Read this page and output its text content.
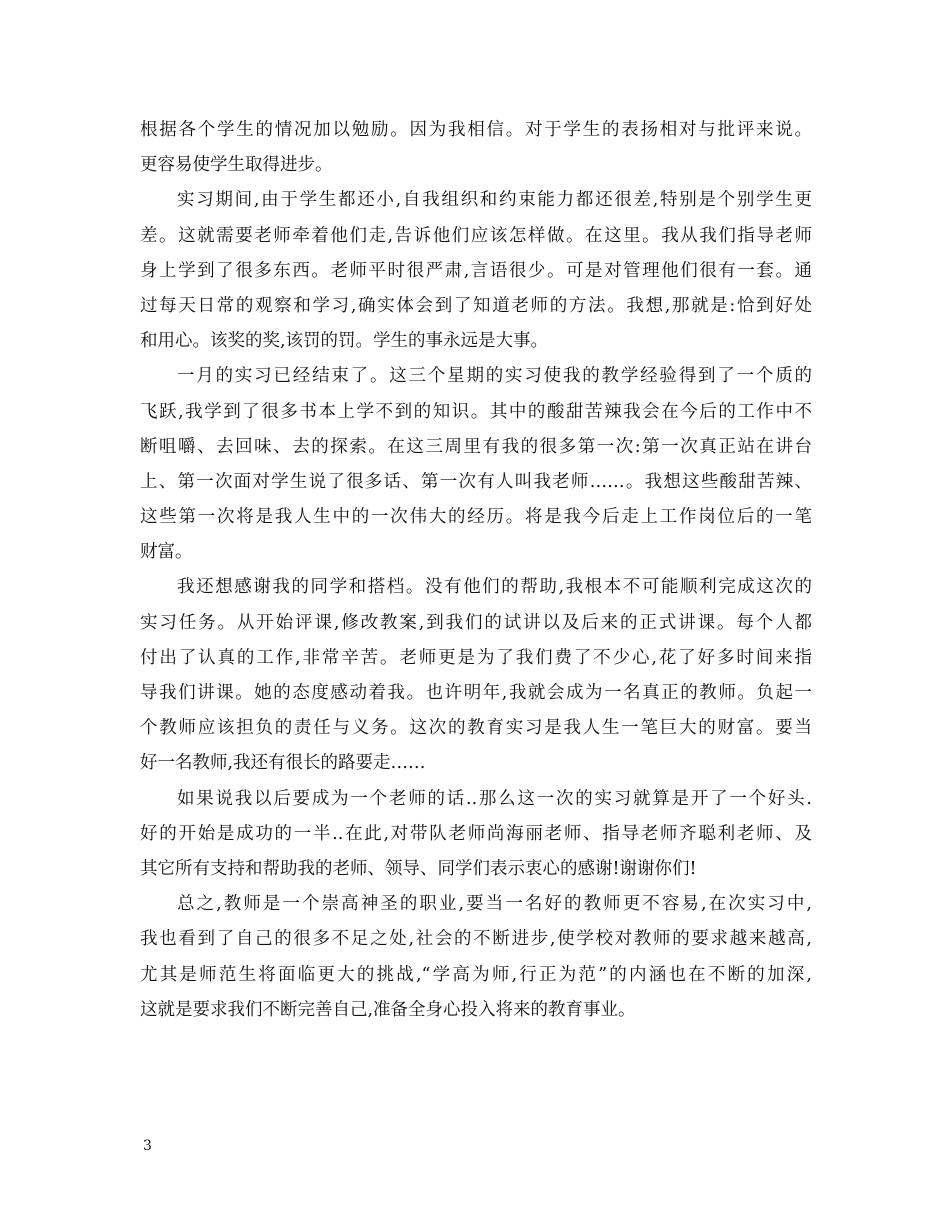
根据各个学生的情况加以勉励。因为我相信。对于学生的表扬相对与批评来说。
更容易使学生取得进步。
实习期间,由于学生都还小,自我组织和约束能力都还很差,特别是个别学生更
差。这就需要老师牵着他们走,告诉他们应该怎样做。在这里。我从我们指导老师
身上学到了很多东西。老师平时很严肃,言语很少。可是对管理他们很有一套。通
过每天日常的观察和学习,确实体会到了知道老师的方法。我想,那就是:恰到好处
和用心。该奖的奖,该罚的罚。学生的事永远是大事。
一月的实习已经结束了。这三个星期的实习使我的教学经验得到了一个质的
飞跃,我学到了很多书本上学不到的知识。其中的酸甜苦辣我会在今后的工作中不
断咀嚼、去回味、去的探索。在这三周里有我的很多第一次:第一次真正站在讲台
上、第一次面对学生说了很多话、第一次有人叫我老师……。我想这些酸甜苦辣、
这些第一次将是我人生中的一次伟大的经历。将是我今后走上工作岗位后的一笔
财富。
我还想感谢我的同学和搭档。没有他们的帮助,我根本不可能顺利完成这次的
实习任务。从开始评课,修改教案,到我们的试讲以及后来的正式讲课。每个人都
付出了认真的工作,非常辛苦。老师更是为了我们费了不少心,花了好多时间来指
导我们讲课。她的态度感动着我。也许明年,我就会成为一名真正的教师。负起一
个教师应该担负的责任与义务。这次的教育实习是我人生一笔巨大的财富。要当
好一名教师,我还有很长的路要走……
如果说我以后要成为一个老师的话..那么这一次的实习就算是开了一个好头.
好的开始是成功的一半..在此,对带队老师尚海丽老师、指导老师齐聪利老师、及
其它所有支持和帮助我的老师、领导、同学们表示衷心的感谢!谢谢你们!
总之,教师是一个崇高神圣的职业,要当一名好的教师更不容易,在次实习中,
我也看到了自己的很多不足之处,社会的不断进步,使学校对教师的要求越来越高,
尤其是师范生将面临更大的挑战,“学高为师,行正为范”的内涵也在不断的加深,
这就是要求我们不断完善自己,准备全身心投入将来的教育事业。
3
